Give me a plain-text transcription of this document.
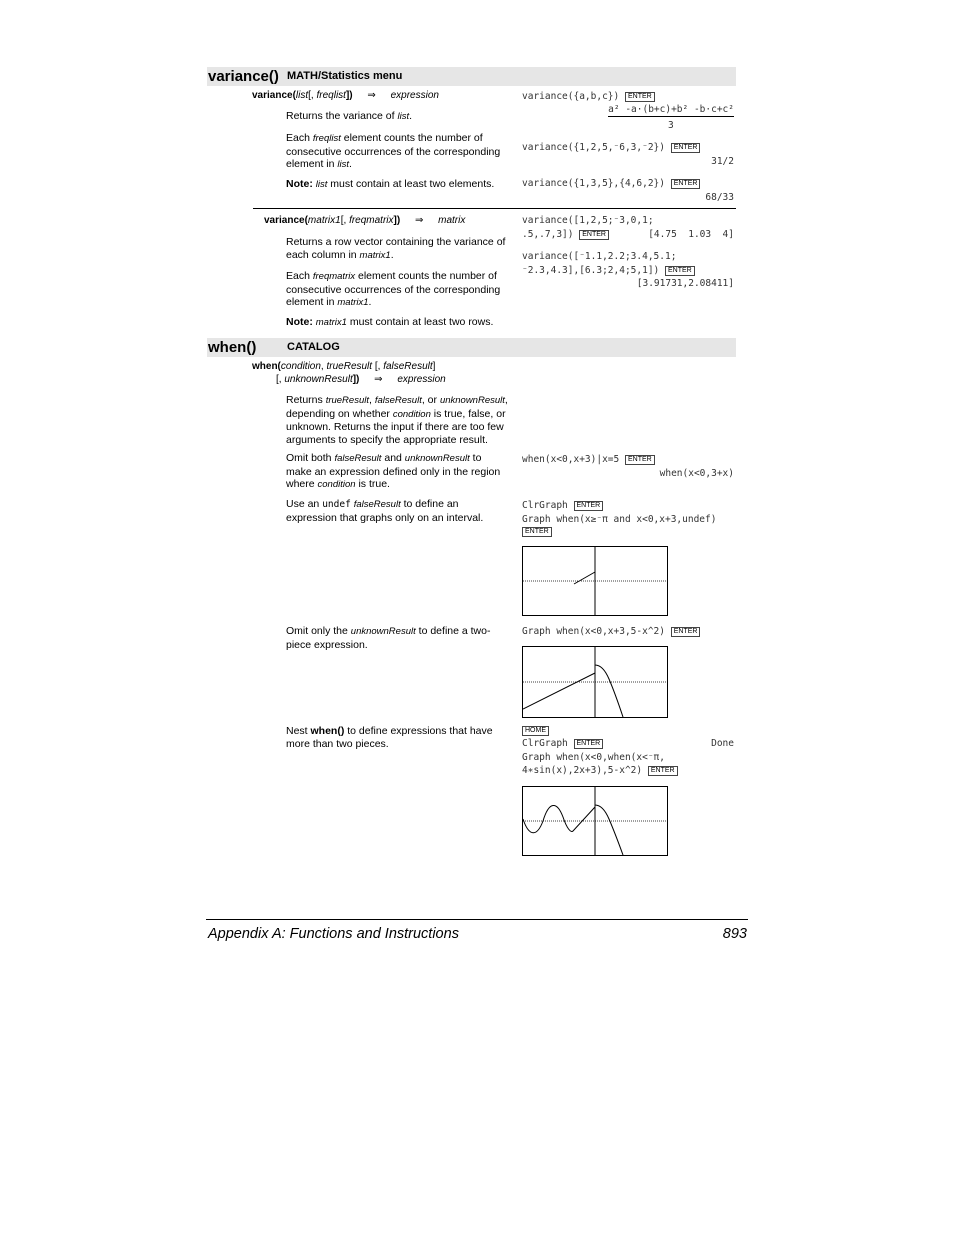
variance() MATH/Statistics menu
variance(list[, freqlist]) ⇒ expression
Returns the variance of list.
Each freqlist element counts the number of consecutive occurrences of the corresponding element in list.
Note: list must contain at least two elements.
variance({a,b,c}) ENTER
a² -a·(b+c)+b² -b·c+c²
3
variance({1,2,5,⁻6,3,⁻2}) ENTER
31/2
variance({1,3,5},{4,6,2}) ENTER
68/33
variance(matrix1[, freqmatrix]) ⇒ matrix
Returns a row vector containing the variance of each column in matrix1.
Each freqmatrix element counts the number of consecutive occurrences of the corresponding element in matrix1.
Note: matrix1 must contain at least two rows.
variance([1,2,5;⁻3,0,1;
.5,.7,3]) ENTER	[4.75  1.03  4]
variance([⁻1.1,2.2;3.4,5.1;
⁻2.3,4.3],[6.3;2,4;5,1]) ENTER
[3.91731,2.08411]
when()	CATALOG
when(condition, trueResult [, falseResult]
[, unknownResult]) ⇒ expression
Returns trueResult, falseResult, or unknownResult, depending on whether condition is true, false, or unknown. Returns the input if there are too few arguments to specify the appropriate result.
Omit both falseResult and unknownResult to make an expression defined only in the region where condition is true.
Use an undef falseResult to define an expression that graphs only on an interval.
Omit only the unknownResult to define a two-piece expression.
Nest when() to define expressions that have more than two pieces.
when(x<0,x+3)|x=5 ENTER
when(x<0,3+x)
ClrGraph ENTER
Graph when(x≥⁻π and x<0,x+3,undef)
ENTER
Graph when(x<0,x+3,5-x^2) ENTER
HOME
ClrGraph ENTER	Done
Graph when(x<0,when(x<⁻π,
4∗sin(x),2x+3),5-x^2) ENTER
Appendix A: Functions and Instructions	893
